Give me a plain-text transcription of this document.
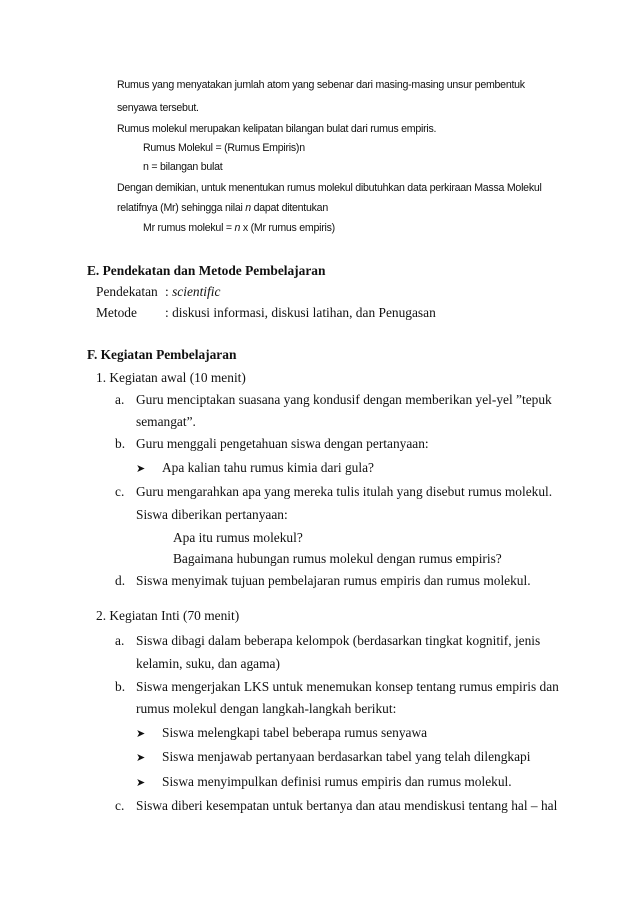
Rumus yang menyatakan jumlah atom yang sebenar dari masing-masing unsur pembentuk
senyawa tersebut.
Rumus molekul merupakan kelipatan bilangan bulat dari rumus empiris.
Rumus Molekul = (Rumus Empiris)n
n = bilangan bulat
Dengan demikian, untuk menentukan rumus molekul dibutuhkan data perkiraan Massa Molekul
relatifnya (Mr) sehingga nilai n dapat ditentukan
Mr rumus molekul = n x (Mr rumus empiris)
E. Pendekatan dan Metode Pembelajaran
Pendekatan : scientific
Metode : diskusi informasi, diskusi latihan, dan Penugasan
F. Kegiatan Pembelajaran
1. Kegiatan awal (10 menit)
a. Guru menciptakan suasana yang kondusif dengan memberikan yel-yel ”tepuk
semangat”.
b. Guru menggali pengetahuan siswa dengan pertanyaan:
➤ Apa kalian tahu rumus kimia dari gula?
c. Guru mengarahkan apa yang mereka tulis itulah yang disebut rumus molekul.
Siswa diberikan pertanyaan:
Apa itu rumus molekul?
Bagaimana hubungan rumus molekul dengan rumus empiris?
d. Siswa menyimak tujuan pembelajaran rumus empiris dan rumus molekul.
2. Kegiatan Inti (70 menit)
a. Siswa dibagi dalam beberapa kelompok (berdasarkan tingkat kognitif, jenis
kelamin, suku, dan agama)
b. Siswa mengerjakan LKS untuk menemukan konsep tentang rumus empiris dan
rumus molekul dengan langkah-langkah berikut:
➤ Siswa melengkapi tabel beberapa rumus senyawa
➤ Siswa menjawab pertanyaan berdasarkan tabel yang telah dilengkapi
➤ Siswa menyimpulkan definisi rumus empiris dan rumus molekul.
c. Siswa diberi kesempatan untuk bertanya dan atau mendiskusi tentang hal – hal
